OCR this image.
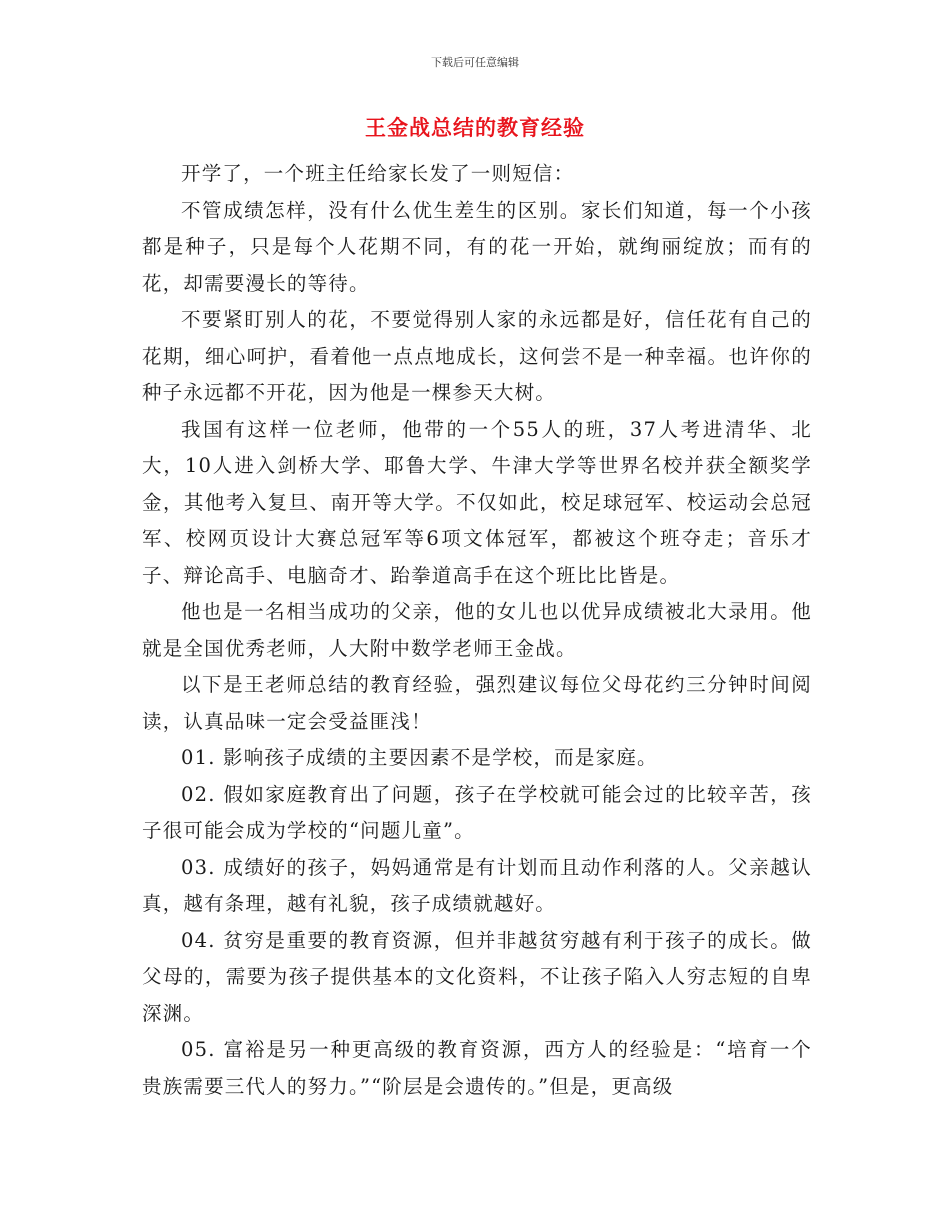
下载后可任意编辑
王金战总结的教育经验

开学了，一个班主任给家长发了一则短信：

不管成绩怎样，没有什么优生差生的区别。家长们知道，每一个小孩都是种子，只是每个人花期不同，有的花一开始，就绚丽绽放；而有的花，却需要漫长的等待。

不要紧盯别人的花，不要觉得别人家的永远都是好，信任花有自己的花期，细心呵护，看着他一点点地成长，这何尝不是一种幸福。也许你的种子永远都不开花，因为他是一棵参天大树。

我国有这样一位老师，他带的一个55人的班，37人考进清华、北大，10人进入剑桥大学、耶鲁大学、牛津大学等世界名校并获全额奖学金，其他考入复旦、南开等大学。不仅如此，校足球冠军、校运动会总冠军、校网页设计大赛总冠军等6项文体冠军，都被这个班夺走；音乐才子、辩论高手、电脑奇才、跆拳道高手在这个班比比皆是。

他也是一名相当成功的父亲，他的女儿也以优异成绩被北大录用。他就是全国优秀老师，人大附中数学老师王金战。

以下是王老师总结的教育经验，强烈建议每位父母花约三分钟时间阅读，认真品味一定会受益匪浅！

01. 影响孩子成绩的主要因素不是学校，而是家庭。

02. 假如家庭教育出了问题，孩子在学校就可能会过的比较辛苦，孩子很可能会成为学校的“问题儿童”。

03. 成绩好的孩子，妈妈通常是有计划而且动作利落的人。父亲越认真，越有条理，越有礼貌，孩子成绩就越好。

04. 贫穷是重要的教育资源，但并非越贫穷越有利于孩子的成长。做父母的，需要为孩子提供基本的文化资料，不让孩子陷入人穷志短的自卑深渊。

05. 富裕是另一种更高级的教育资源，西方人的经验是：“培育一个贵族需要三代人的努力。”“阶层是会遗传的。”但是，更高级
